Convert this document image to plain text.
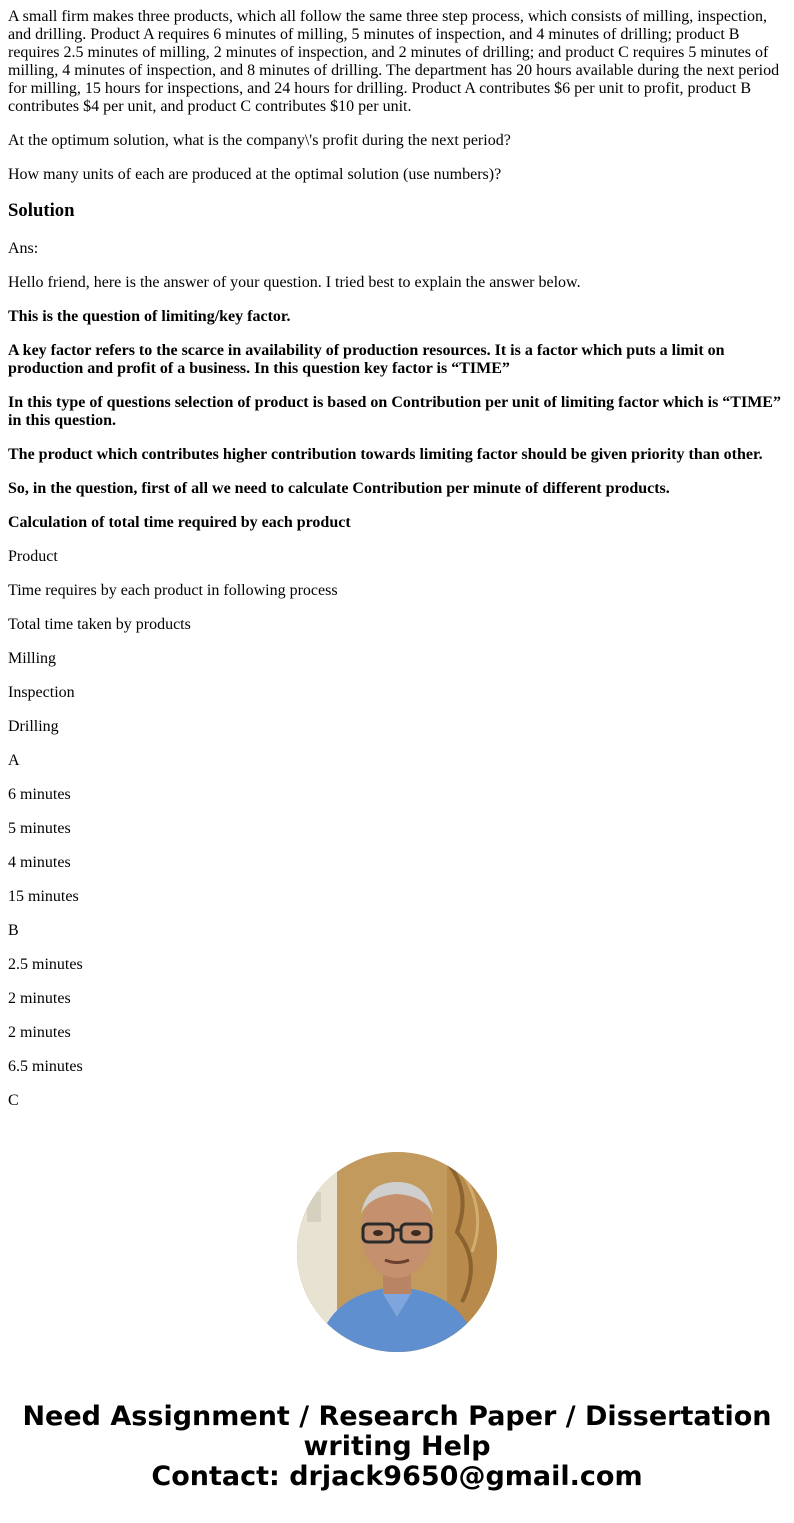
A small firm makes three products, which all follow the same three step process, which consists of milling, inspection, and drilling. Product A requires 6 minutes of milling, 5 minutes of inspection, and 4 minutes of drilling; product B requires 2.5 minutes of milling, 2 minutes of inspection, and 2 minutes of drilling; and product C requires 5 minutes of milling, 4 minutes of inspection, and 8 minutes of drilling. The department has 20 hours available during the next period for milling, 15 hours for inspections, and 24 hours for drilling. Product A contributes $6 per unit to profit, product B contributes $4 per unit, and product C contributes $10 per unit.

At the optimum solution, what is the company\'s profit during the next period?

How many units of each are produced at the optimal solution (use numbers)?

Solution

Ans:

Hello friend, here is the answer of your question. I tried best to explain the answer below.

This is the question of limiting/key factor.

A key factor refers to the scarce in availability of production resources. It is a factor which puts a limit on production and profit of a business. In this question key factor is “TIME”

In this type of questions selection of product is based on Contribution per unit of limiting factor which is “TIME” in this question.

The product which contributes higher contribution towards limiting factor should be given priority than other.

So, in the question, first of all we need to calculate Contribution per minute of different products.

Calculation of total time required by each product

Product

Time requires by each product in following process

Total time taken by products

Milling

Inspection

Drilling

A

6 minutes

5 minutes

4 minutes

15 minutes

B

2.5 minutes

2 minutes

2 minutes

6.5 minutes

C

Need Assignment / Research Paper / Dissertation
writing Help
Contact: drjack9650@gmail.com
